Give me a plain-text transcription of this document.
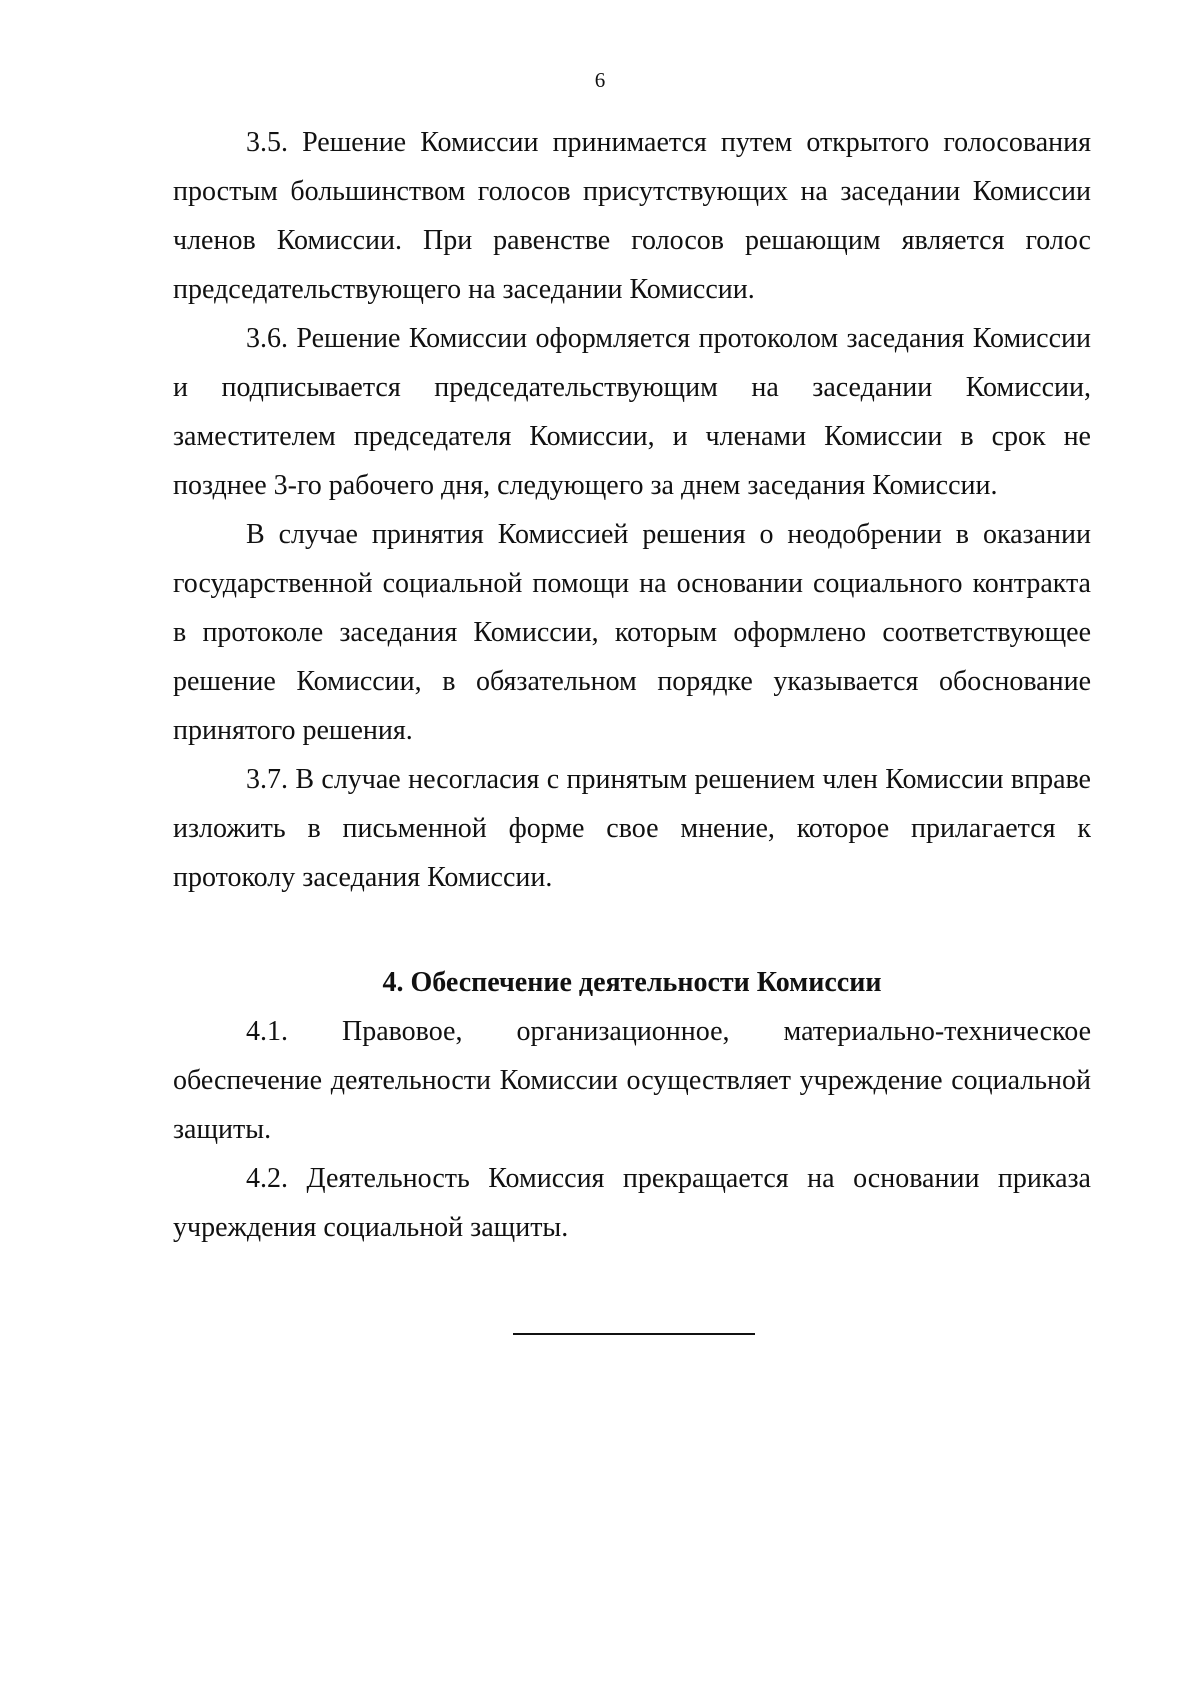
6

3.5. Решение Комиссии принимается путем открытого голосования простым большинством голосов присутствующих на заседании Комиссии членов Комиссии. При равенстве голосов решающим является голос председательствующего на заседании Комиссии.

3.6. Решение Комиссии оформляется протоколом заседания Комиссии и подписывается председательствующим на заседании Комиссии, заместителем председателя Комиссии, и членами Комиссии в срок не позднее 3-го рабочего дня, следующего за днем заседания Комиссии.

В случае принятия Комиссией решения о неодобрении в оказании государственной социальной помощи на основании социального контракта в протоколе заседания Комиссии, которым оформлено соответствующее решение Комиссии, в обязательном порядке указывается обоснование принятого решения.

3.7. В случае несогласия с принятым решением член Комиссии вправе изложить в письменной форме свое мнение, которое прилагается к протоколу заседания Комиссии.

4. Обеспечение деятельности Комиссии

4.1. Правовое, организационное, материально-техническое обеспечение деятельности Комиссии осуществляет учреждение социальной защиты.

4.2. Деятельность Комиссия прекращается на основании приказа учреждения социальной защиты.
